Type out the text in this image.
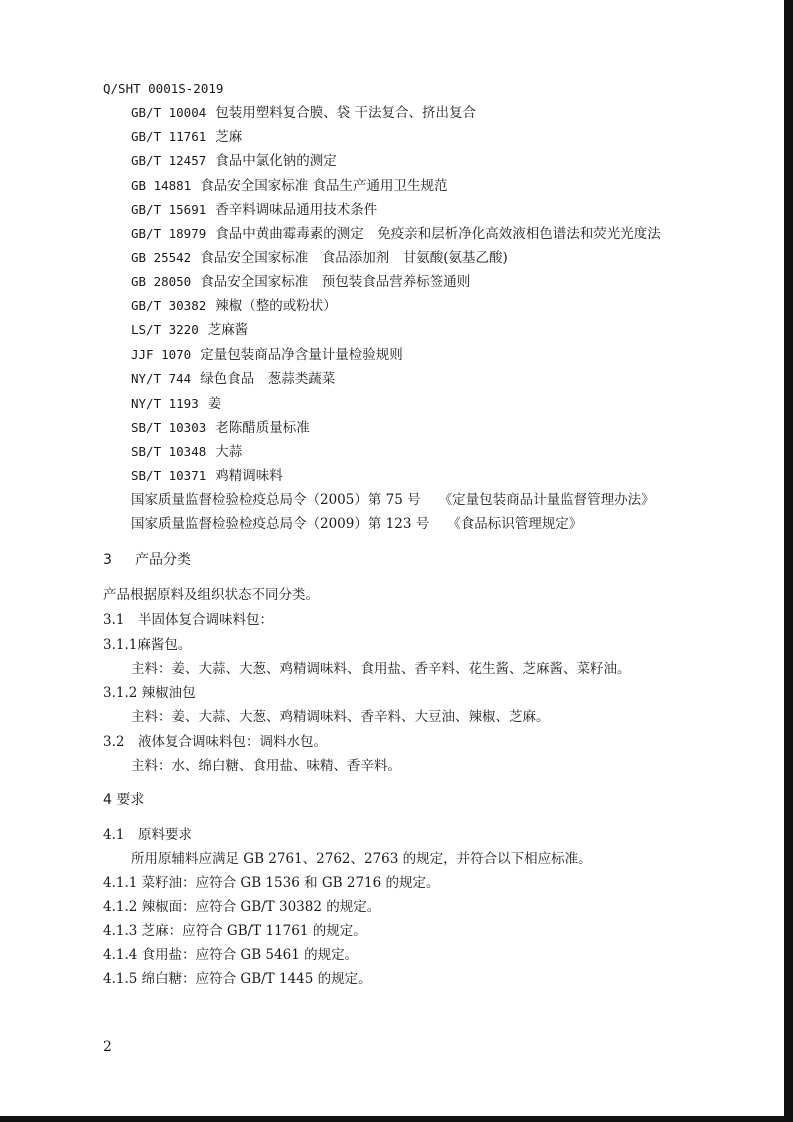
Q/SHT 0001S-2019
GB/T 10004 包装用塑料复合膜、袋 干法复合、挤出复合
GB/T 11761 芝麻
GB/T 12457 食品中氯化钠的测定
GB 14881 食品安全国家标准 食品生产通用卫生规范
GB/T 15691 香辛料调味品通用技术条件
GB/T 18979 食品中黄曲霉毒素的测定　免疫亲和层析净化高效液相色谱法和荧光光度法
GB 25542 食品安全国家标准　食品添加剂　甘氨酸(氨基乙酸)
GB 28050 食品安全国家标准　预包装食品营养标签通则
GB/T 30382 辣椒（整的或粉状）
LS/T 3220 芝麻酱
JJF 1070 定量包装商品净含量计量检验规则
NY/T 744 绿色食品　葱蒜类蔬菜
NY/T 1193 姜
SB/T 10303 老陈醋质量标准
SB/T 10348 大蒜
SB/T 10371 鸡精调味料
国家质量监督检验检疫总局令（2005）第 75 号 《定量包装商品计量监督管理办法》
国家质量监督检验检疫总局令（2009）第 123 号 《食品标识管理规定》
3 产品分类
产品根据原料及组织状态不同分类。
3.1　半固体复合调味料包：
3.1.1麻酱包。
主料：姜、大蒜、大葱、鸡精调味料、食用盐、香辛料、花生酱、芝麻酱、菜籽油。
3.1.2 辣椒油包
主料：姜、大蒜、大葱、鸡精调味料、香辛料、大豆油、辣椒、芝麻。
3.2　液体复合调味料包：调料水包。
主料：水、绵白糖、食用盐、味精、香辛料。
4 要求
4.1　原料要求
所用原辅料应满足 GB 2761、2762、2763 的规定，并符合以下相应标准。
4.1.1 菜籽油：应符合 GB 1536 和 GB 2716 的规定。
4.1.2 辣椒面：应符合 GB/T 30382 的规定。
4.1.3 芝麻：应符合 GB/T 11761 的规定。
4.1.4 食用盐：应符合 GB 5461 的规定。
4.1.5 绵白糖：应符合 GB/T 1445 的规定。
2
